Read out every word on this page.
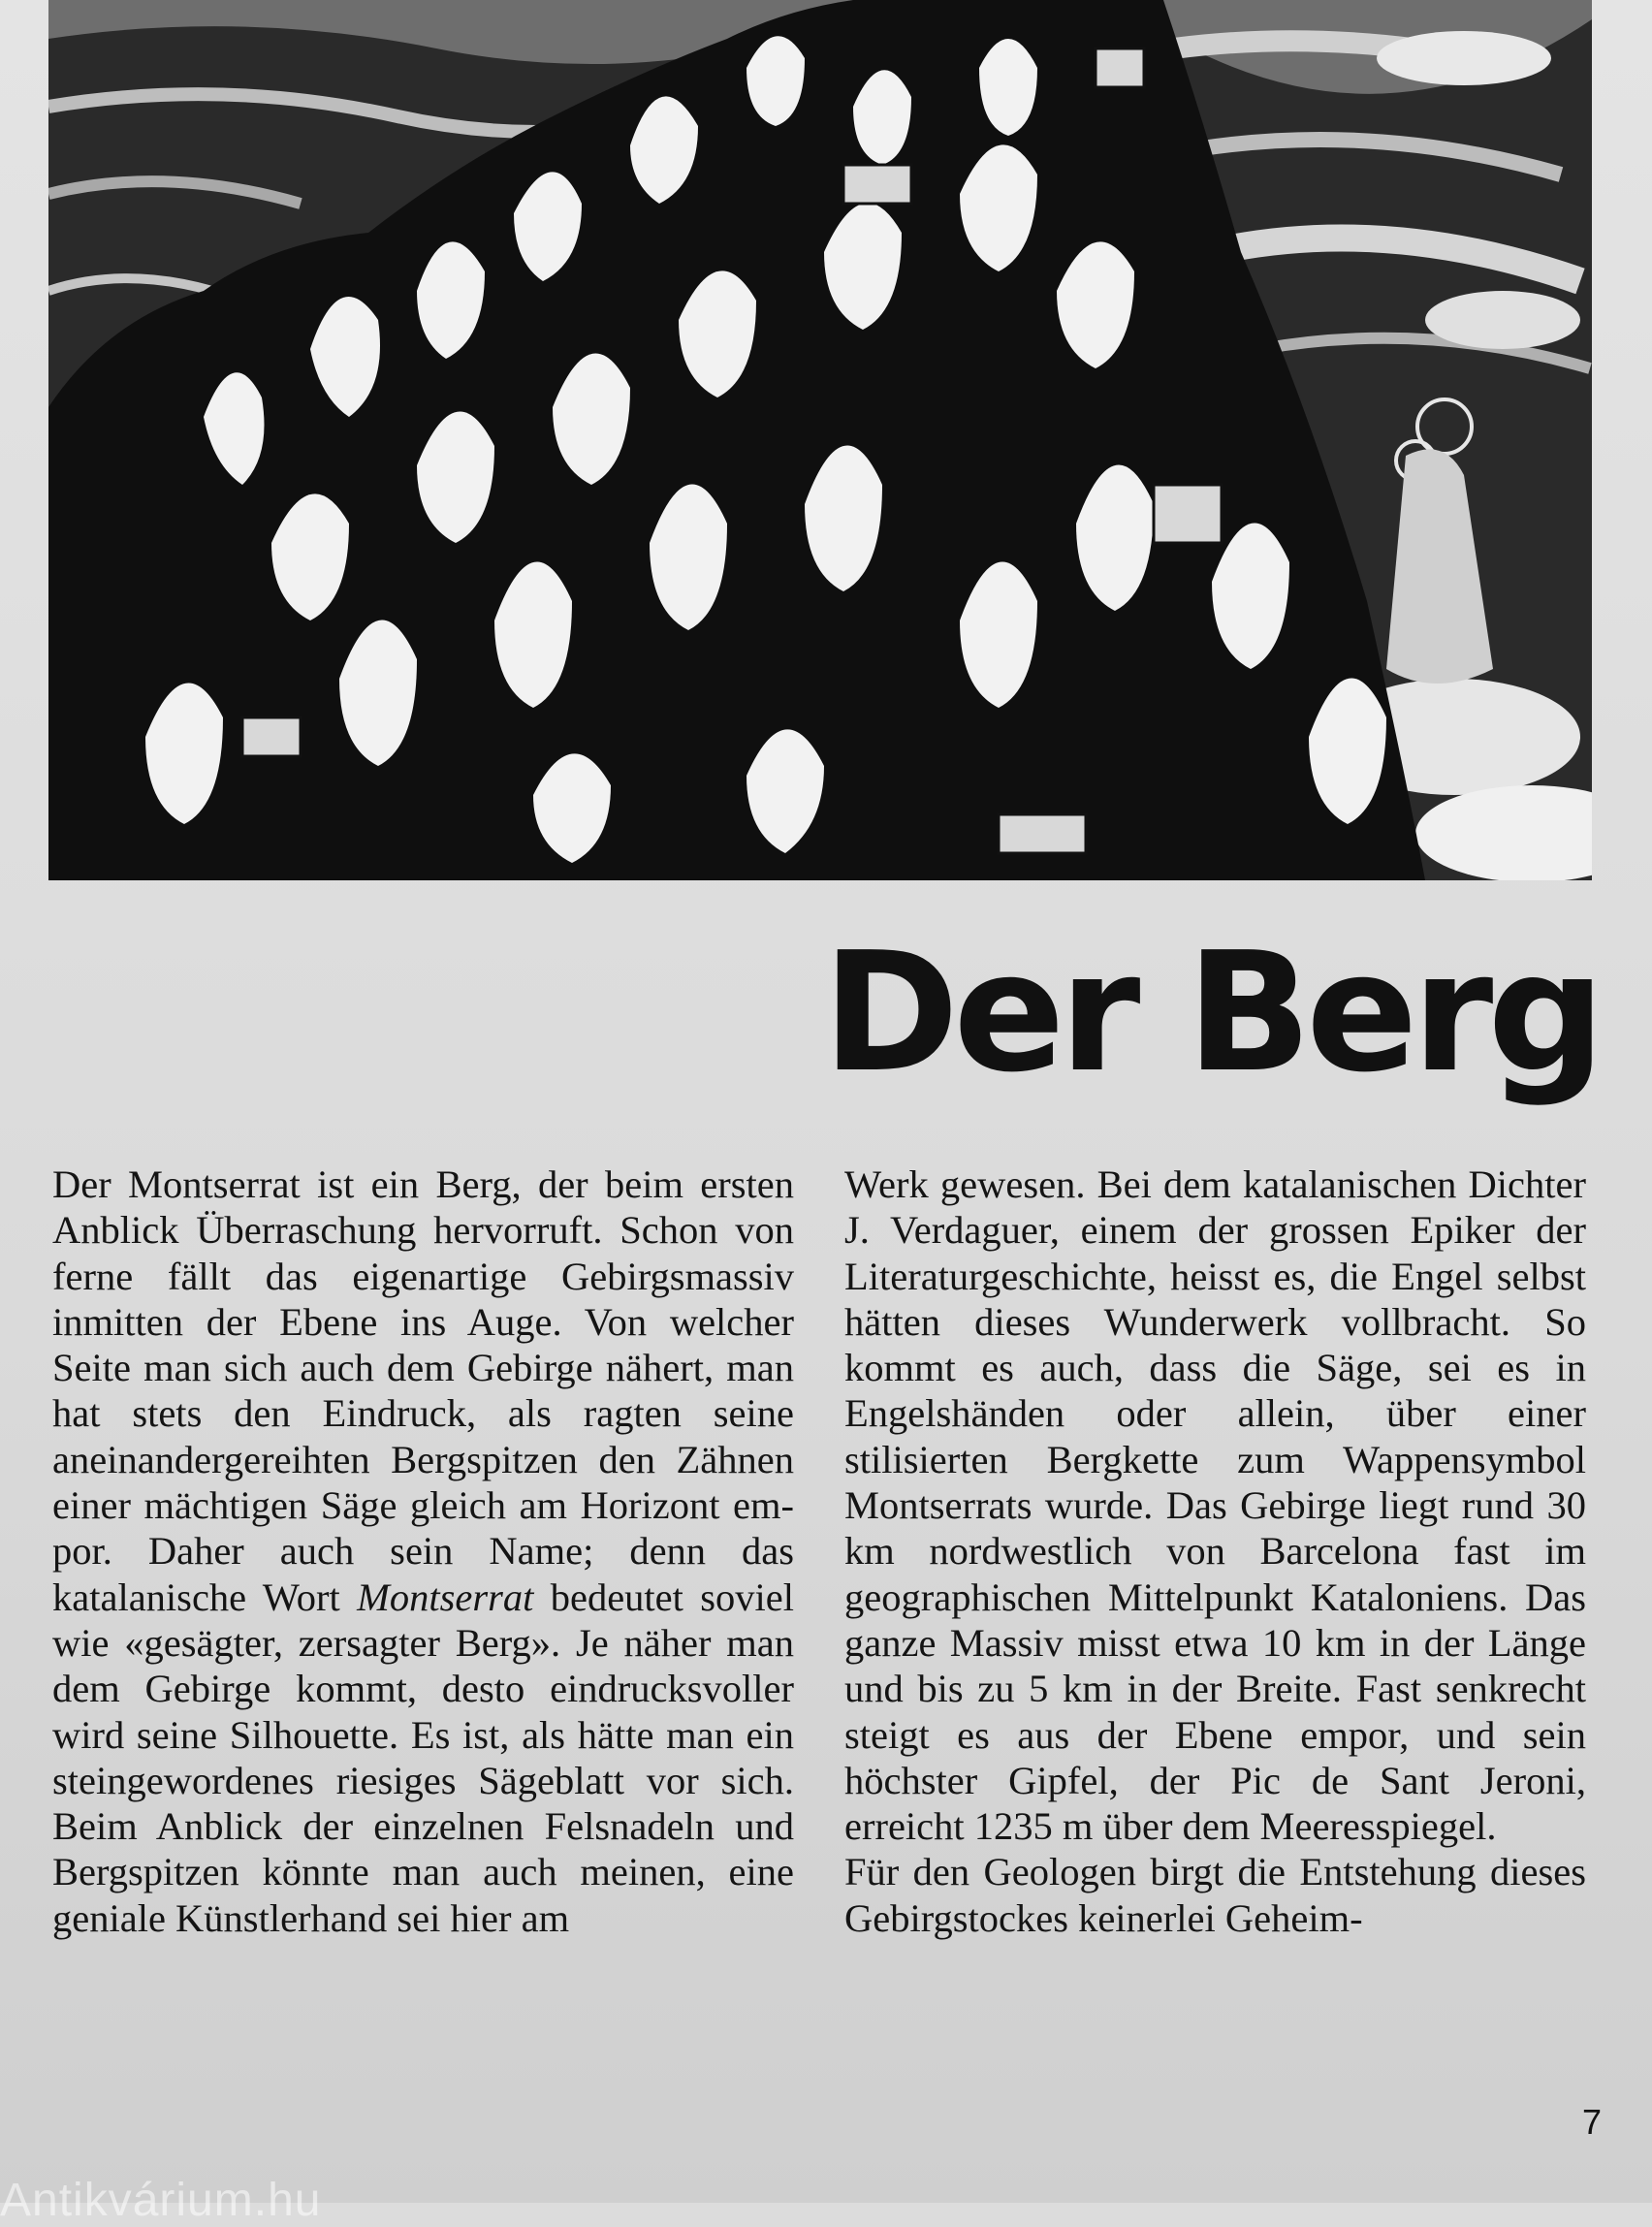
Der Berg

Der Montserrat ist ein Berg, der beim ersten Anblick Überraschung hervorruft. Schon von ferne fällt das eigenartige Gebirgsmassiv inmitten der Ebene ins Auge. Von welcher Seite man sich auch dem Gebirge nähert, man hat stets den Eindruck, als ragten seine aneinandergereihten Bergspitzen den Zähnen einer mächtigen Säge gleich am Horizont empor. Daher auch sein Name; denn das katalanische Wort Montserrat bedeutet soviel wie «gesägter, zersagter Berg». Je näher man dem Gebirge kommt, desto eindrucksvoller wird seine Silhouette. Es ist, als hätte man ein steingewordenes riesiges Sägeblatt vor sich. Beim Anblick der einzelnen Felsnadeln und Bergspitzen könnte man auch meinen, eine geniale Künstlerhand sei hier am

Werk gewesen. Bei dem katalanischen Dichter J. Verdaguer, einem der grossen Epiker der Literaturgeschichte, heisst es, die Engel selbst hätten dieses Wunderwerk vollbracht. So kommt es auch, dass die Säge, sei es in Engelshänden oder allein, über einer stilisierten Bergkette zum Wappensymbol Montserrats wurde. Das Gebirge liegt rund 30 km nordwestlich von Barcelona fast im geographischen Mittelpunkt Kataloniens. Das ganze Massiv misst etwa 10 km in der Länge und bis zu 5 km in der Breite. Fast senkrecht steigt es aus der Ebene empor, und sein höchster Gipfel, der Pic de Sant Jeroni, erreicht 1235 m über dem Meeresspiegel.

Für den Geologen birgt die Entstehung dieses Gebirgstockes keinerlei Geheim-

7
Antikvárium.hu
